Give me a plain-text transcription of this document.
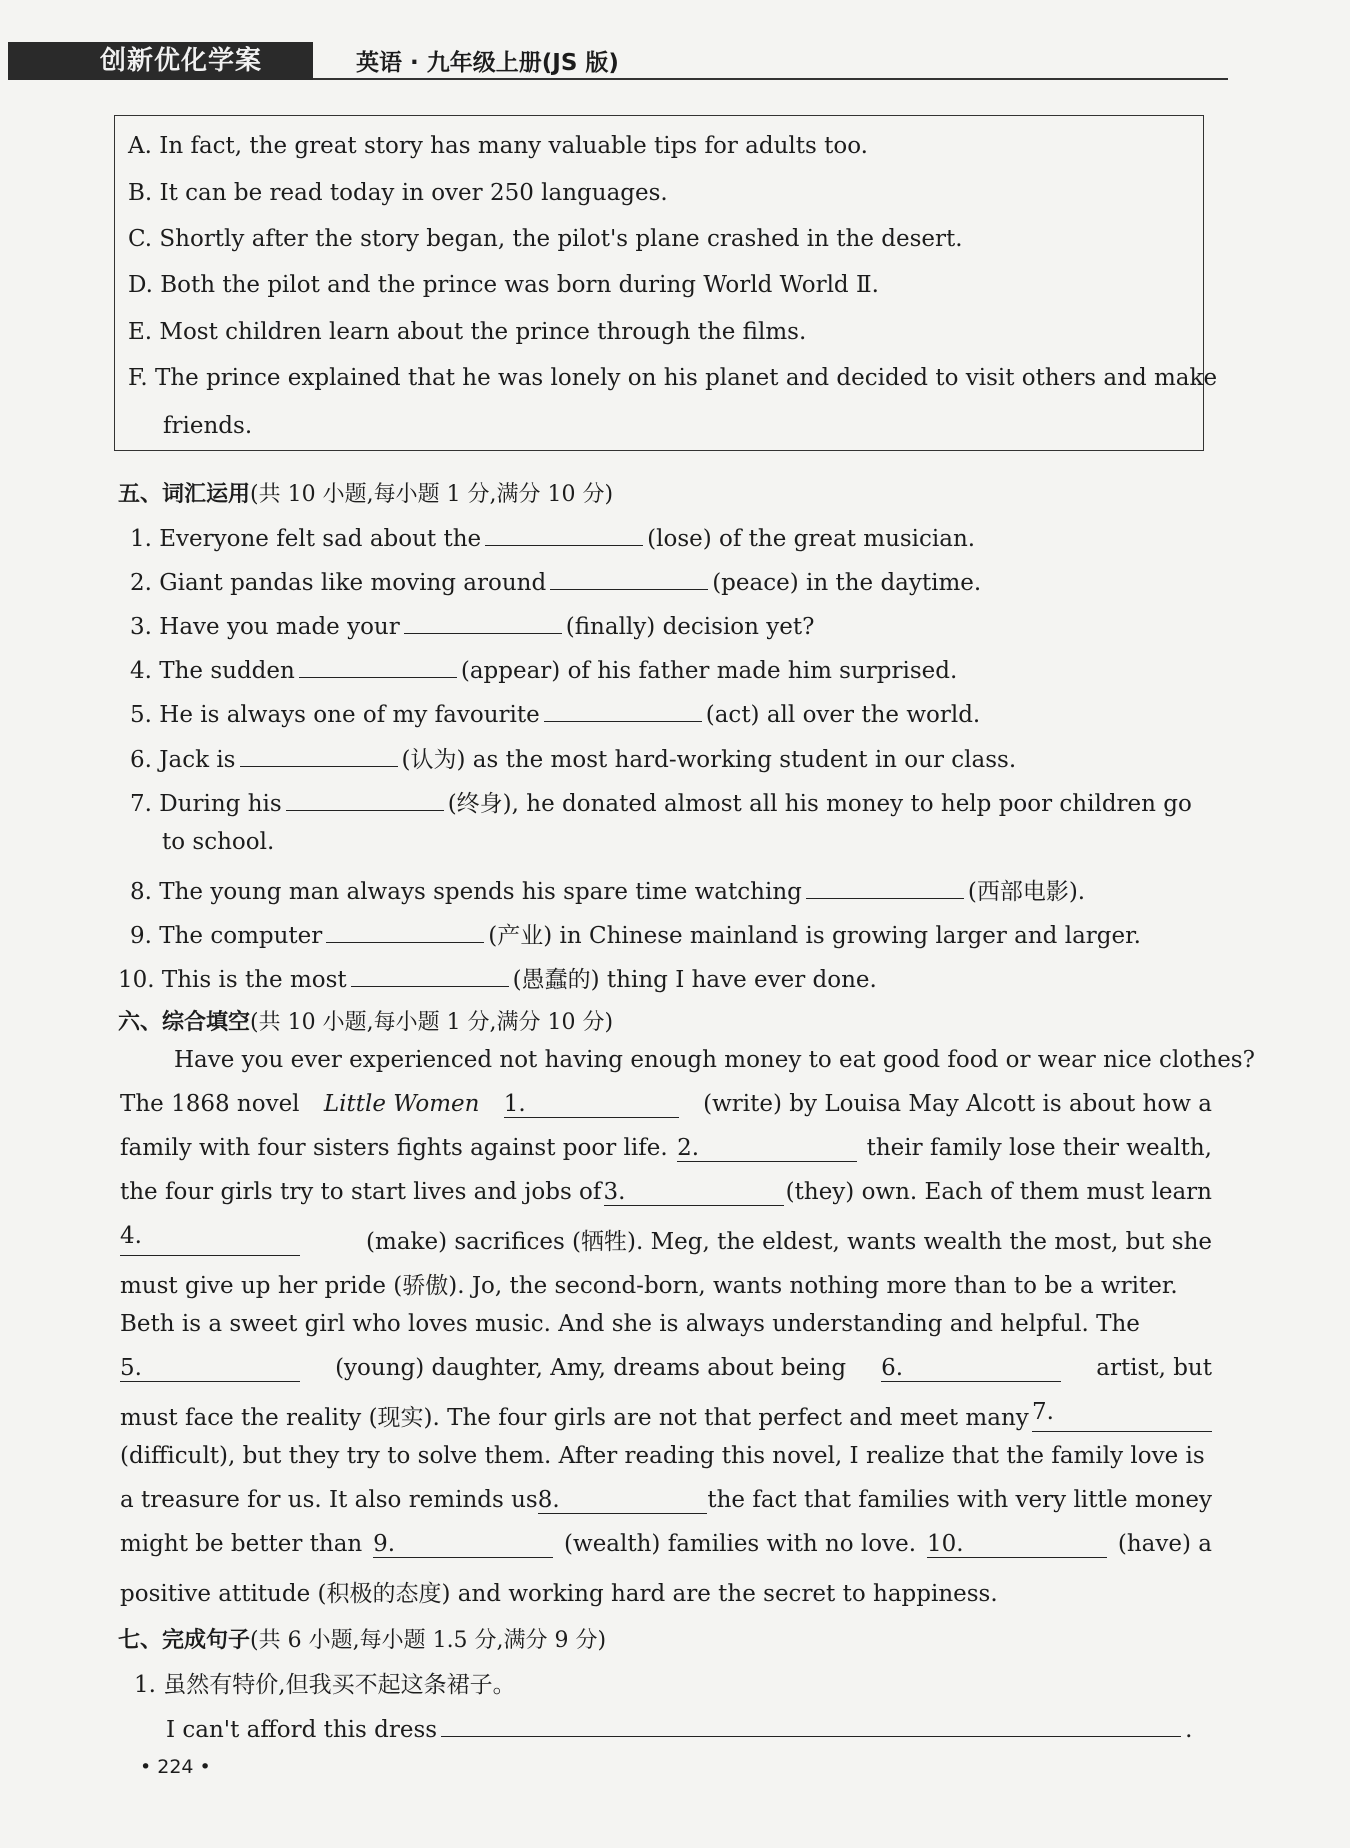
创新优化学案	英语 · 九年级上册(JS 版)
A. In fact, the great story has many valuable tips for adults too.
B. It can be read today in over 250 languages.
C. Shortly after the story began, the pilot's plane crashed in the desert.
D. Both the pilot and the prince was born during World World Ⅱ.
E. Most children learn about the prince through the films.
F. The prince explained that he was lonely on his planet and decided to visit others and make
friends.
五、词汇运用(共 10 小题,每小题 1 分,满分 10 分)
1. Everyone felt sad about the	(lose) of the great musician.
2. Giant pandas like moving around	(peace) in the daytime.
3. Have you made your	(finally) decision yet?
4. The sudden	(appear) of his father made him surprised.
5. He is always one of my favourite	(act) all over the world.
6. Jack is	(认为) as the most hard-working student in our class.
7. During his	(终身), he donated almost all his money to help poor children go
to school.
8. The young man always spends his spare time watching	(西部电影).
9. The computer	(产业) in Chinese mainland is growing larger and larger.
10. This is the most	(愚蠢的) thing I have ever done.
六、综合填空(共 10 小题,每小题 1 分,满分 10 分)
Have you ever experienced not having enough money to eat good food or wear nice clothes?
The 1868 novel Little Women 1.	(write) by Louisa May Alcott is about how a
family with four sisters fights against poor life. 2.	their family lose their wealth,
the four girls try to start lives and jobs of 3.	(they) own. Each of them must learn
4.	(make) sacrifices (牺牲). Meg, the eldest, wants wealth the most, but she
must give up her pride (骄傲). Jo, the second-born, wants nothing more than to be a writer.
Beth is a sweet girl who loves music. And she is always understanding and helpful. The
5.	(young) daughter, Amy, dreams about being 6.	artist, but
must face the reality (现实). The four girls are not that perfect and meet many 7.
(difficult), but they try to solve them. After reading this novel, I realize that the family love is
a treasure for us. It also reminds us 8.	the fact that families with very little money
might be better than 9.	(wealth) families with no love. 10.	(have) a
positive attitude (积极的态度) and working hard are the secret to happiness.
七、完成句子(共 6 小题,每小题 1.5 分,满分 9 分)
1. 虽然有特价,但我买不起这条裙子。
I can't afford this dress	.
• 224 •
